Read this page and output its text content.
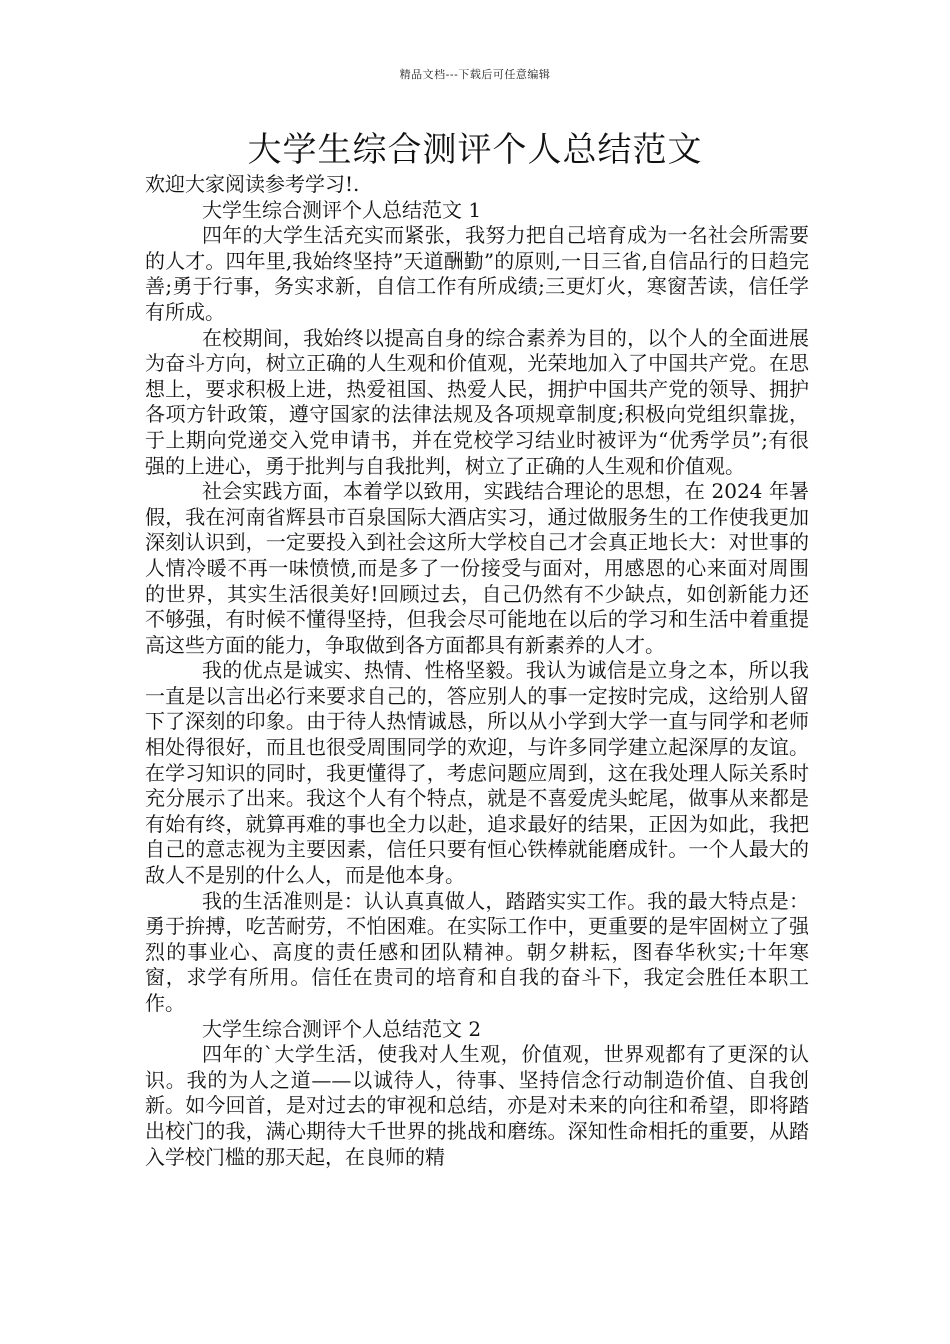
精品文档---下载后可任意编辑
大学生综合测评个人总结范文

欢迎大家阅读参考学习!.

大学生综合测评个人总结范文 1

四年的大学生活充实而紧张，我努力把自己培育成为一名社会所需要的人才。四年里,我始终坚持”天道酬勤”的原则,一日三省,自信品行的日趋完善;勇于行事，务实求新，自信工作有所成绩;三更灯火，寒窗苦读，信任学有所成。

在校期间，我始终以提高自身的综合素养为目的，以个人的全面进展为奋斗方向，树立正确的人生观和价值观，光荣地加入了中国共产党。在思想上，要求积极上进，热爱祖国、热爱人民，拥护中国共产党的领导、拥护各项方针政策，遵守国家的法律法规及各项规章制度;积极向党组织靠拢，于上期向党递交入党申请书，并在党校学习结业时被评为“优秀学员”;有很强的上进心，勇于批判与自我批判，树立了正确的人生观和价值观。

社会实践方面，本着学以致用，实践结合理论的思想，在 2024 年暑假，我在河南省辉县市百泉国际大酒店实习，通过做服务生的工作使我更加深刻认识到，一定要投入到社会这所大学校自己才会真正地长大：对世事的人情冷暖不再一味愤愤,而是多了一份接受与面对，用感恩的心来面对周围的世界，其实生活很美好!回顾过去，自己仍然有不少缺点，如创新能力还不够强，有时候不懂得坚持，但我会尽可能地在以后的学习和生活中着重提高这些方面的能力，争取做到各方面都具有新素养的人才。

我的优点是诚实、热情、性格坚毅。我认为诚信是立身之本，所以我一直是以言出必行来要求自己的，答应别人的事一定按时完成，这给别人留下了深刻的印象。由于待人热情诚恳，所以从小学到大学一直与同学和老师相处得很好，而且也很受周围同学的欢迎，与许多同学建立起深厚的友谊。在学习知识的同时，我更懂得了，考虑问题应周到，这在我处理人际关系时充分展示了出来。我这个人有个特点，就是不喜爱虎头蛇尾，做事从来都是有始有终，就算再难的事也全力以赴，追求最好的结果，正因为如此，我把自己的意志视为主要因素，信任只要有恒心铁棒就能磨成针。一个人最大的敌人不是别的什么人，而是他本身。

我的生活准则是：认认真真做人，踏踏实实工作。我的最大特点是：勇于拚搏，吃苦耐劳，不怕困难。在实际工作中，更重要的是牢固树立了强烈的事业心、高度的责任感和团队精神。朝夕耕耘，图春华秋实;十年寒窗，求学有所用。信任在贵司的培育和自我的奋斗下，我定会胜任本职工作。

大学生综合测评个人总结范文 2

四年的`大学生活，使我对人生观，价值观，世界观都有了更深的认识。我的为人之道——以诚待人，待事、坚持信念行动制造价值、自我创新。如今回首，是对过去的审视和总结，亦是对未来的向往和希望，即将踏出校门的我，满心期待大千世界的挑战和磨练。深知性命相托的重要，从踏入学校门槛的那天起，在良师的精
